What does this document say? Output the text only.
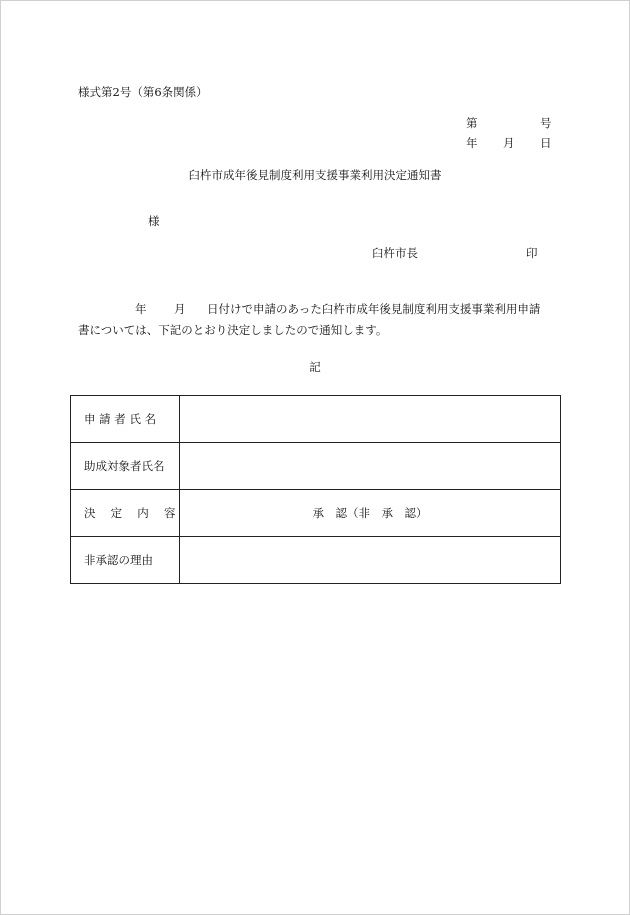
様式第2号（第6条関係）
第	号
年 月 日
臼杵市成年後見制度利用支援事業利用決定通知書
様
臼杵市長	印
年 月 日付けで申請のあった臼杵市成年後見制度利用支援事業利用申請
書については、下記のとおり決定しましたので通知します。
記
申 請 者 氏 名	
助成対象者氏名	
決　 定 　内 　容	承　認（非　承　認）
非承認の理由	
